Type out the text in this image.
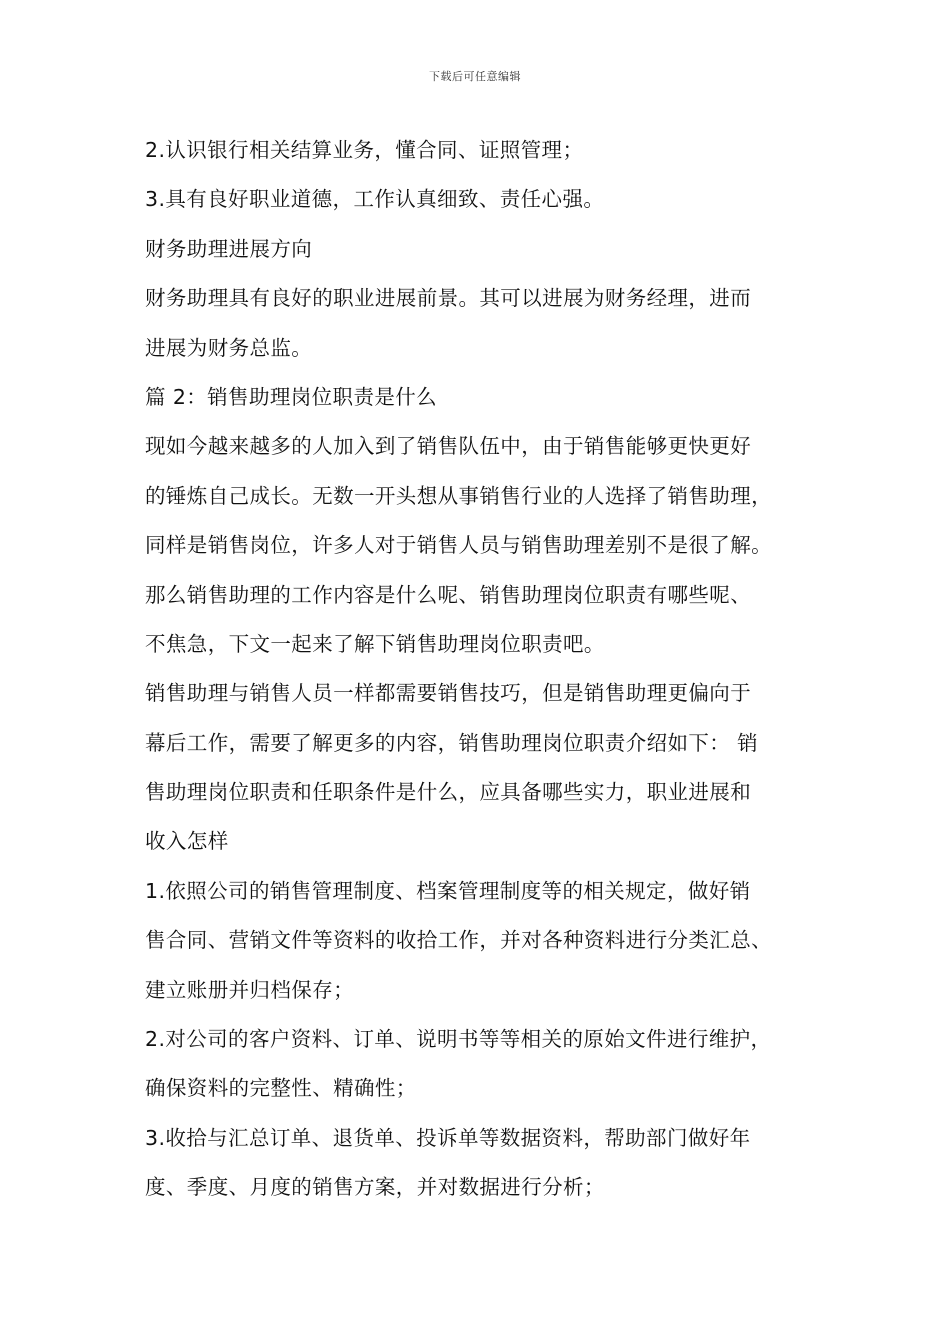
下载后可任意编辑
2.认识银行相关结算业务，懂合同、证照管理；
3.具有良好职业道德，工作认真细致、责任心强。
财务助理进展方向
财务助理具有良好的职业进展前景。其可以进展为财务经理，进而
进展为财务总监。
篇 2：销售助理岗位职责是什么
现如今越来越多的人加入到了销售队伍中，由于销售能够更快更好
的锤炼自己成长。无数一开头想从事销售行业的人选择了销售助理，
同样是销售岗位，许多人对于销售人员与销售助理差别不是很了解。
那么销售助理的工作内容是什么呢、销售助理岗位职责有哪些呢、
不焦急，下文一起来了解下销售助理岗位职责吧。
销售助理与销售人员一样都需要销售技巧，但是销售助理更偏向于
幕后工作，需要了解更多的内容，销售助理岗位职责介绍如下： 销
售助理岗位职责和任职条件是什么，应具备哪些实力，职业进展和
收入怎样
1.依照公司的销售管理制度、档案管理制度等的相关规定，做好销
售合同、营销文件等资料的收拾工作，并对各种资料进行分类汇总、
建立账册并归档保存；
2.对公司的客户资料、订单、说明书等等相关的原始文件进行维护，
确保资料的完整性、精确性；
3.收拾与汇总订单、退货单、投诉单等数据资料，帮助部门做好年
度、季度、月度的销售方案，并对数据进行分析；
